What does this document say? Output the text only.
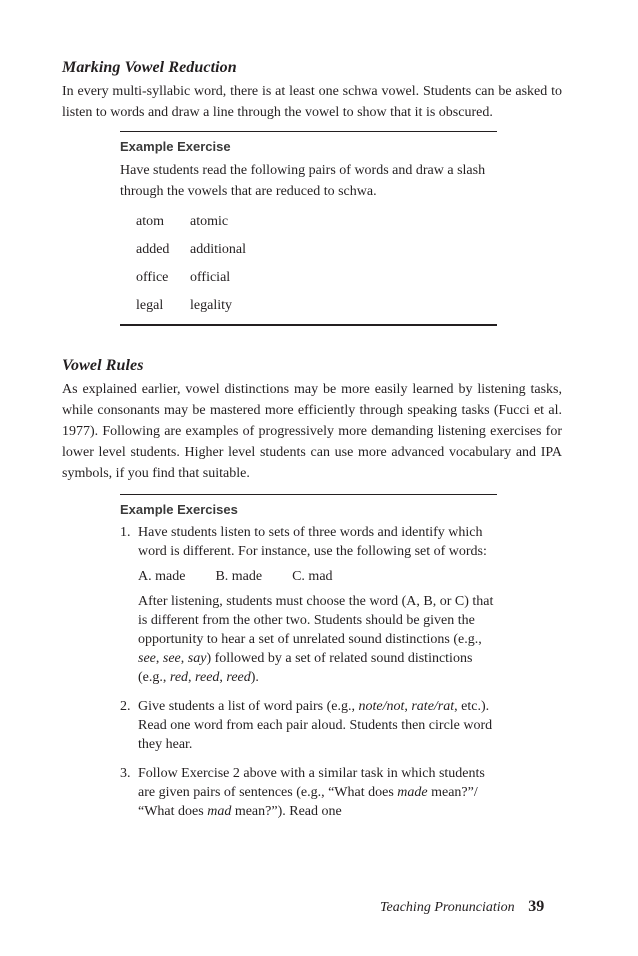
Marking Vowel Reduction

In every multi-syllabic word, there is at least one schwa vowel. Students can be asked to listen to words and draw a line through the vowel to show that it is obscured.

Example Exercise

Have students read the following pairs of words and draw a slash through the vowels that are reduced to schwa.

atom	atomic
added	additional
office	official
legal	legality
Vowel Rules

As explained earlier, vowel distinctions may be more easily learned by listening tasks, while consonants may be mastered more efficiently through speaking tasks (Fucci et al. 1977). Following are examples of progressively more demanding listening exercises for lower level students. Higher level students can use more advanced vocabulary and IPA symbols, if you find that suitable.

Example Exercises
1. Have students listen to sets of three words and identify which word is different. For instance, use the following set of words:
A. made B. made C. mad
After listening, students must choose the word (A, B, or C) that is different from the other two. Students should be given the opportunity to hear a set of unrelated sound distinctions (e.g., see, see, say) followed by a set of related sound distinctions (e.g., red, reed, reed).
2. Give students a list of word pairs (e.g., note/not, rate/rat, etc.). Read one word from each pair aloud. Students then circle word they hear.
3. Follow Exercise 2 above with a similar task in which students are given pairs of sentences (e.g., “What does made mean?”/ “What does mad mean?”). Read one
Teaching Pronunciation 39
